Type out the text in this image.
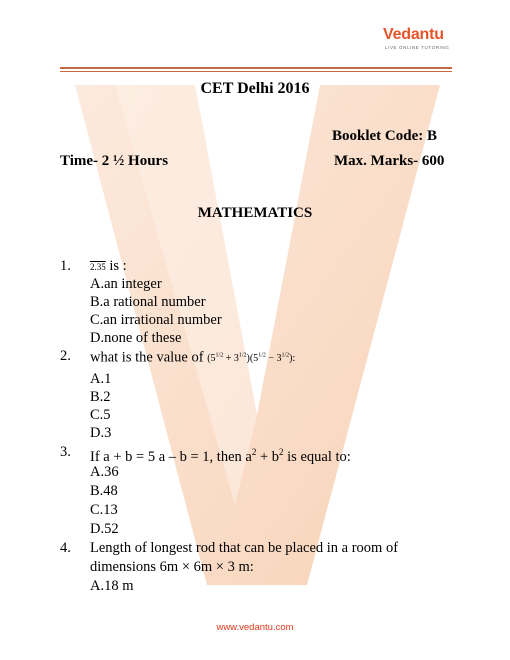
Vedantu
LIVE ONLINE TUTORING
CET Delhi 2016
Booklet Code: B
Time- 2 ½ Hours	Max. Marks- 600
MATHEMATICS
1. 2.35 is :
A.an integer
B.a rational number
C.an irrational number
D.none of these
2. what is the value of $(5^{1/2} + 3^{1/2})(5^{1/2} - 3^{1/2})$:
A.1
B.2
C.5
D.3
3. If a + b = 5 a – b = 1, then $a^2 + b^2$ is equal to:
A.36
B.48
C.13
D.52
4. Length of longest rod that can be placed in a room of
dimensions 6m × 6m × 3 m:
A.18 m
www.vedantu.com
